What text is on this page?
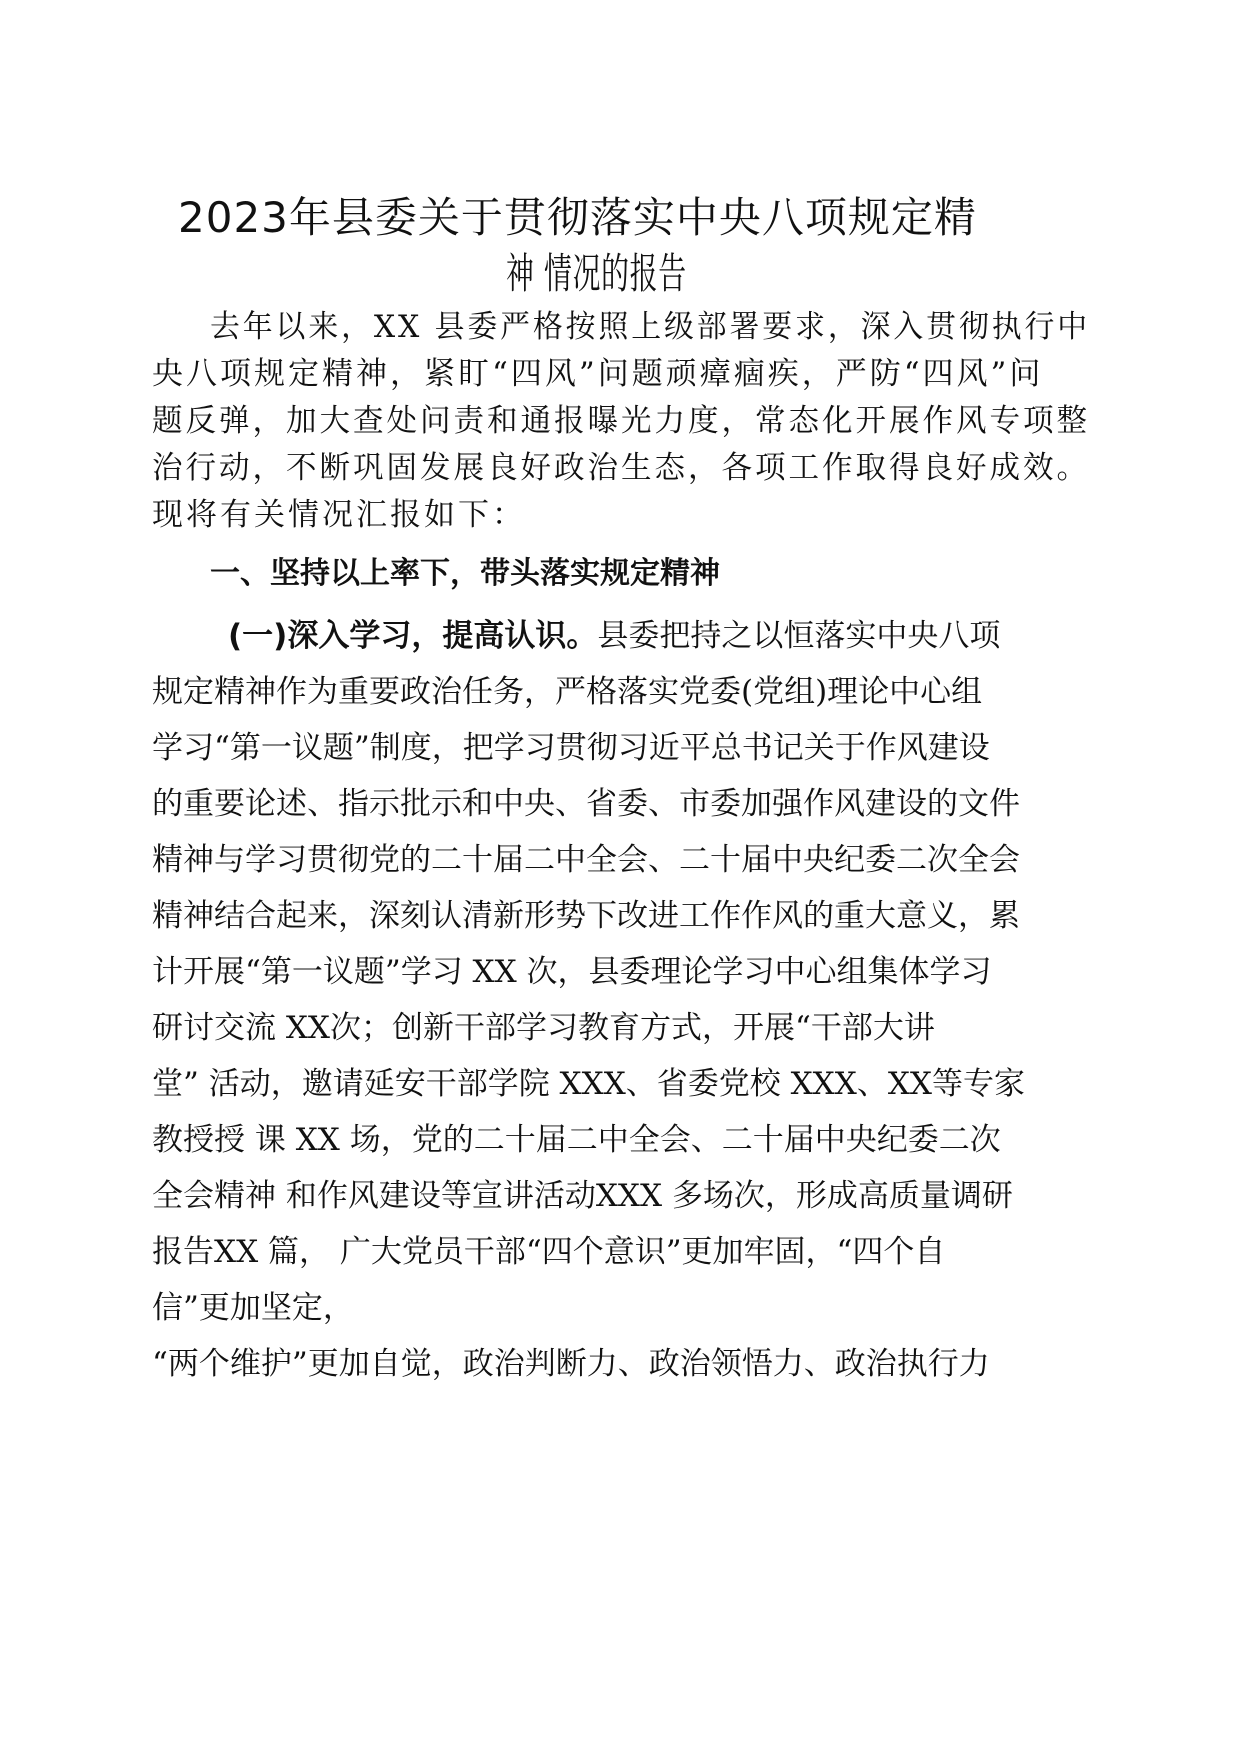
2023年县委关于贯彻落实中央八项规定精
神 情况的报告
去年以来，XX 县委严格按照上级部署要求，深入贯彻执行中
央八项规定精神，紧盯“四风”问题顽瘴痼疾，严防“四风”问
题反弹，加大查处问责和通报曝光力度，常态化开展作风专项整
治行动，不断巩固发展良好政治生态，各项工作取得良好成效。
现将有关情况汇报如下：
一、坚持以上率下，带头落实规定精神
(一)深入学习，提高认识。县委把持之以恒落实中央八项
规定精神作为重要政治任务，严格落实党委(党组)理论中心组
学习“第一议题”制度，把学习贯彻习近平总书记关于作风建设
的重要论述、指示批示和中央、省委、市委加强作风建设的文件
精神与学习贯彻党的二十届二中全会、二十届中央纪委二次全会
精神结合起来，深刻认清新形势下改进工作作风的重大意义，累
计开展“第一议题”学习 XX 次，县委理论学习中心组集体学习
研讨交流 XX次；创新干部学习教育方式，开展“干部大讲
堂” 活动，邀请延安干部学院 XXX、省委党校 XXX、XX等专家
教授授 课 XX 场，党的二十届二中全会、二十届中央纪委二次
全会精神 和作风建设等宣讲活动XXX 多场次，形成高质量调研
报告XX 篇， 广大党员干部“四个意识”更加牢固，“四个自
信”更加坚定，
“两个维护”更加自觉，政治判断力、政治领悟力、政治执行力
